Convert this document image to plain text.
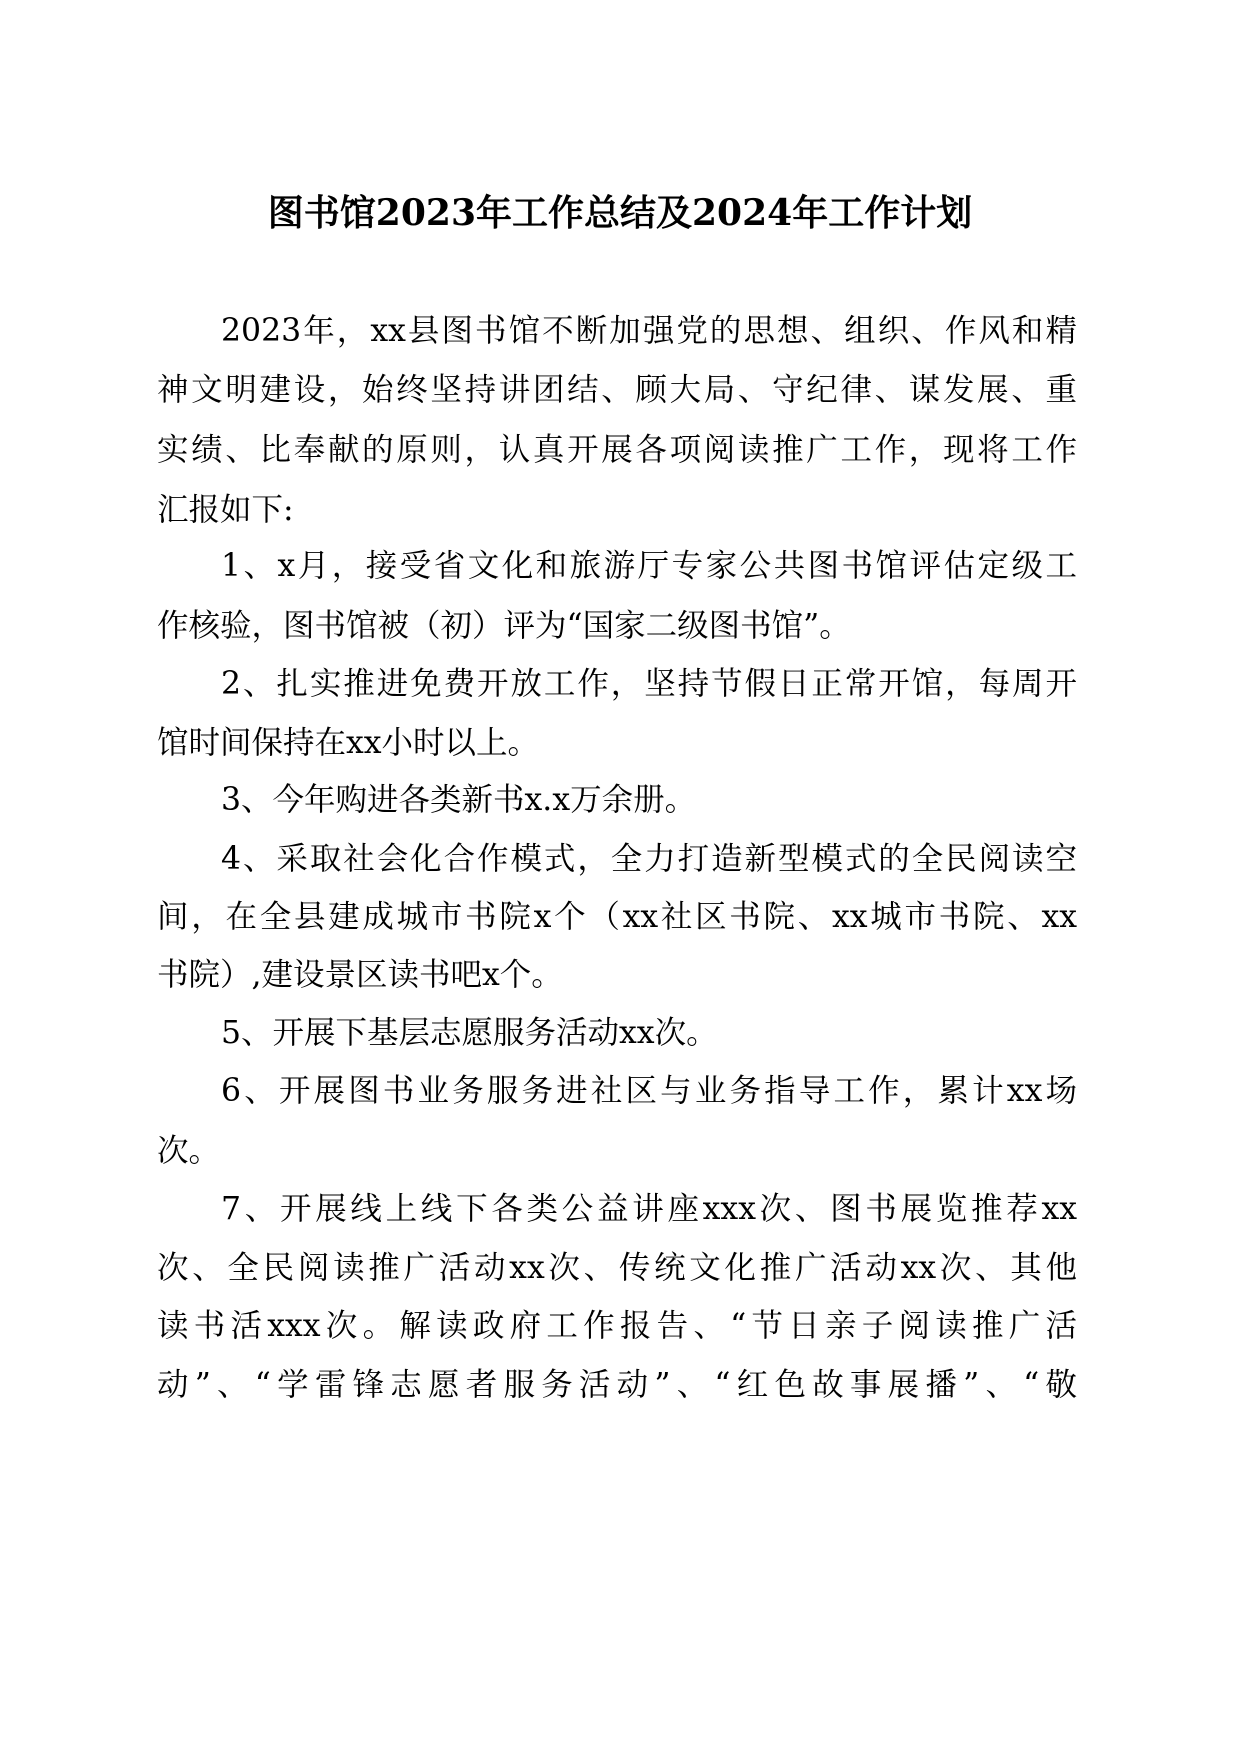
图书馆2023年工作总结及2024年工作计划
2023年，xx县图书馆不断加强党的思想、组织、作风和精
神文明建设，始终坚持讲团结、顾大局、守纪律、谋发展、重
实绩、比奉献的原则，认真开展各项阅读推广工作，现将工作
汇报如下:
1、x月，接受省文化和旅游厅专家公共图书馆评估定级工
作核验，图书馆被（初）评为“国家二级图书馆”。
2、扎实推进免费开放工作，坚持节假日正常开馆，每周开
馆时间保持在xx小时以上。
3、今年购进各类新书x.x万余册。
4、采取社会化合作模式，全力打造新型模式的全民阅读空
间，在全县建成城市书院x个（xx社区书院、xx城市书院、xx
书院）,建设景区读书吧x个。
5、开展下基层志愿服务活动xx次。
6、开展图书业务服务进社区与业务指导工作，累计xx场
次。
7、开展线上线下各类公益讲座xxx次、图书展览推荐xx
次、全民阅读推广活动xx次、传统文化推广活动xx次、其他
读书活xxx次。解读政府工作报告、“节日亲子阅读推广活
动”、“学雷锋志愿者服务活动”、“红色故事展播”、“敬
